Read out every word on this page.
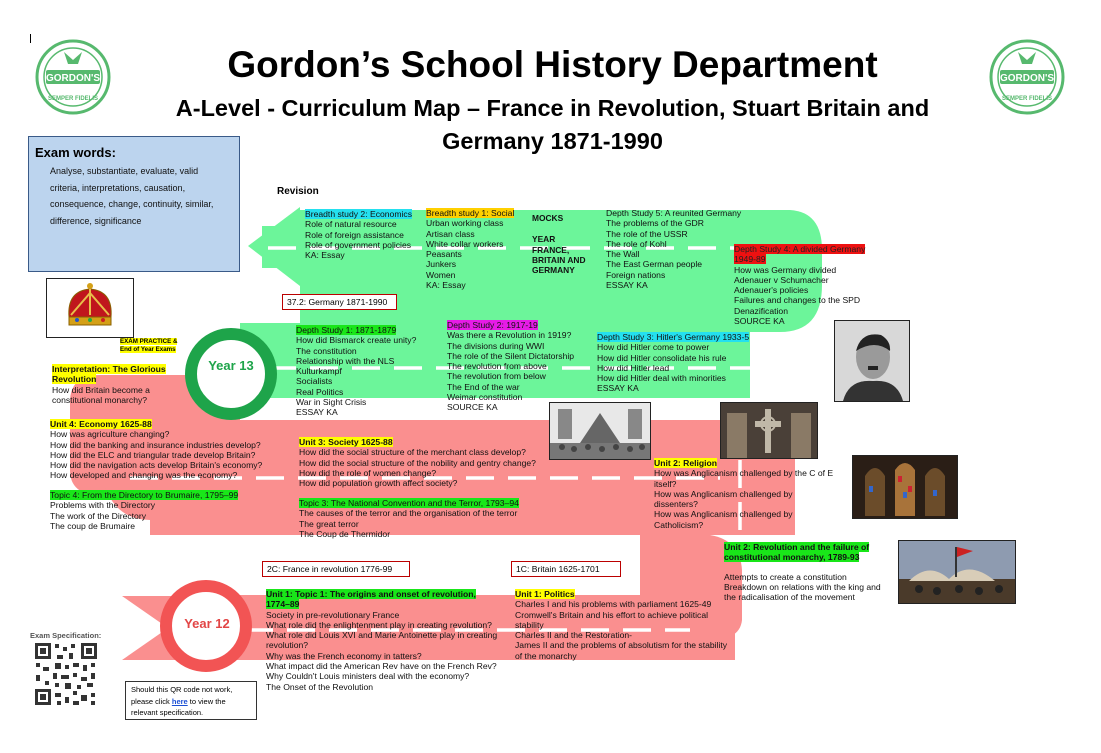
GORDON'S
SEMPER FIDELIS
GORDON'S
SEMPER FIDELIS
Gordon’s School History Department
A-Level - Curriculum Map – France in Revolution, Stuart Britain and
Germany 1871-1990
Exam words:
Analyse, substantiate, evaluate, valid
criteria, interpretations, causation,
consequence, change, continuity, similar,
difference, significance
Revision
Breadth study 2: Economics
Role of natural resource
Role of foreign assistance
Role of government policies
KA: Essay
Breadth study 1: Social
Urban working class
Artisan class
White collar workers
Peasants
Junkers
Women
KA: Essay
MOCKS
YEAR
FRANCE,
BRITAIN AND
GERMANY
Depth Study 5: A reunited Germany
The problems of the GDR
The role of the USSR
The role of Kohl
The Wall
The East German people
Foreign nations
ESSAY KA
Depth Study 4: A divided Germany 1949-89
How was Germany divided
Adenauer v Schumacher
Adenauer's policies
Failures and changes to the SPD
Denazification
SOURCE KA
37.2: Germany 1871-1990
EXAM PRACTICE &
End of Year Exams
Year 13
Depth Study 1: 1871-1879
How did Bismarck create unity?
The constitution
Relationship with the NLS
Kulturkampf
Socialists
Real Politics
War in Sight Crisis
ESSAY KA
Depth Study 2: 1917-19
Was there a Revolution in 1919?
The divisions during WWI
The role of the Silent Dictatorship
The revolution from above
The revolution from below
The End of the war
Weimar constitution
SOURCE KA
Depth Study 3: Hitler's Germany 1933-5
How did Hitler come to power
How did Hitler consolidate his rule
How did Hitler lead
How did Hitler deal with minorities
ESSAY KA
Interpretation: The Glorious Revolution
How did Britain become a
constitutional monarchy?
Unit 4: Economy 1625-88
How was agriculture changing?
How did the banking and insurance industries develop?
How did the ELC and triangular trade develop Britain?
How did the navigation acts develop Britain's economy?
How developed and changing was the economy?
Unit 3: Society 1625-88
How did the social structure of the merchant class develop?
How did the social structure of the nobility and gentry change?
How did the role of women change?
How did population growth affect society?
Unit 2: Religion
How was Anglicanism challenged by the C of E
itself?
How was Anglicanism challenged by
dissenters?
How was Anglicanism challenged by
Catholicism?
Topic 4: From the Directory to Brumaire, 1795–99
Problems with the Directory
The work of the Directory
The coup de Brumaire
Topic 3: The National Convention and the Terror, 1793–94
The causes of the terror and the organisation of the terror
The great terror
The Coup de Thermidor
Unit 2: Revolution and the failure of
constitutional monarchy, 1789-93
Attempts to create a constitution
Breakdown on relations with the king and
the radicalisation of the movement
2C: France in revolution 1776-99	1C: Britain 1625-1701
Year 12
Unit 1: Topic 1: The origins and onset of revolution,
1774–89
Society in pre-revolutionary France
What role did the enlightenment play in creating revolution?
What role did Louis XVI and Marie Antoinette play in creating
revolution?
Why was the French economy in tatters?
What impact did the American Rev have on the French Rev?
Why Couldn't Louis ministers deal with the economy?
The Onset of the Revolution
Unit 1: Politics
Charles I and his problems with parliament 1625-49
Cromwell's Britain and his effort to achieve political
stability
Charles II and the Restoration-
James II and the problems of absolutism for the stability
of the monarchy
Exam Specification:
Should this QR code not work,
please click here to view the
relevant specification.
